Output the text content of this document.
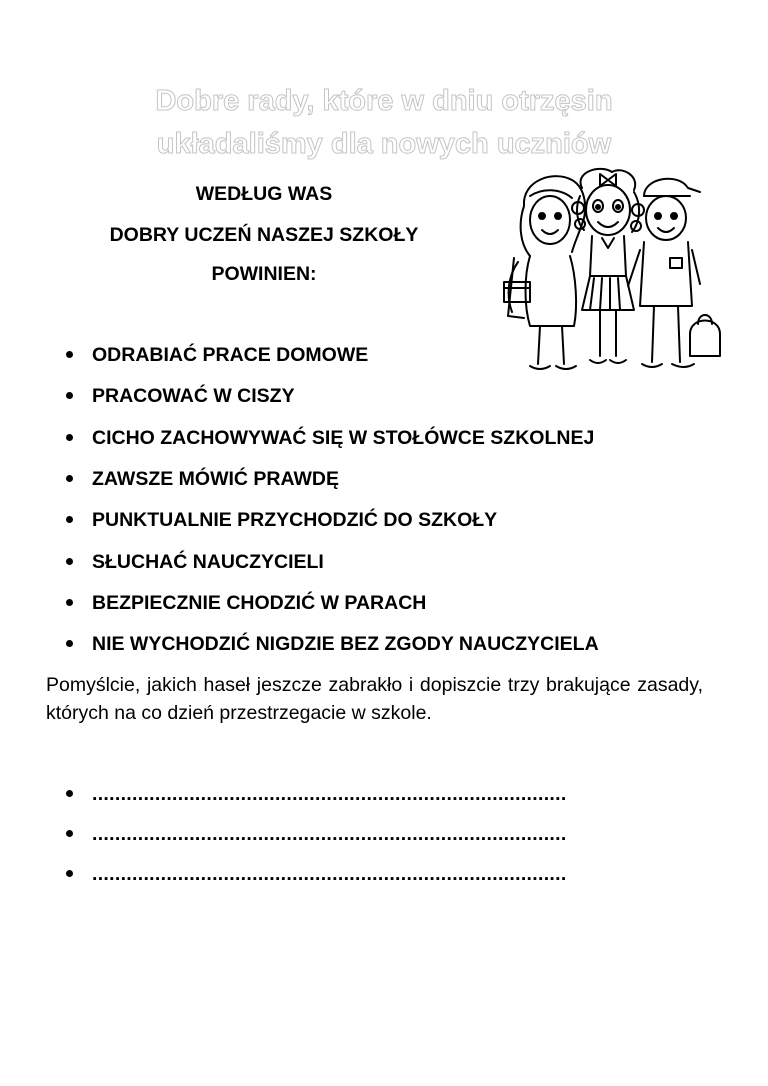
Dobre rady, które w dniu otrzęsin
układaliśmy dla nowych uczniów
WEDŁUG WAS
DOBRY UCZEŃ NASZEJ SZKOŁY
POWINIEN:
ODRABIAĆ PRACE DOMOWE
PRACOWAĆ W CISZY
CICHO ZACHOWYWAĆ SIĘ W STOŁÓWCE SZKOLNEJ
ZAWSZE MÓWIĆ PRAWDĘ
PUNKTUALNIE PRZYCHODZIĆ DO SZKOŁY
SŁUCHAĆ NAUCZYCIELI
BEZPIECZNIE CHODZIĆ W PARACH
NIE WYCHODZIĆ NIGDZIE BEZ ZGODY NAUCZYCIELA
Pomyślcie, jakich haseł jeszcze zabrakło i dopiszcie trzy brakujące zasady, których na co dzień przestrzegacie w szkole.
...................................................................................
...................................................................................
...................................................................................
